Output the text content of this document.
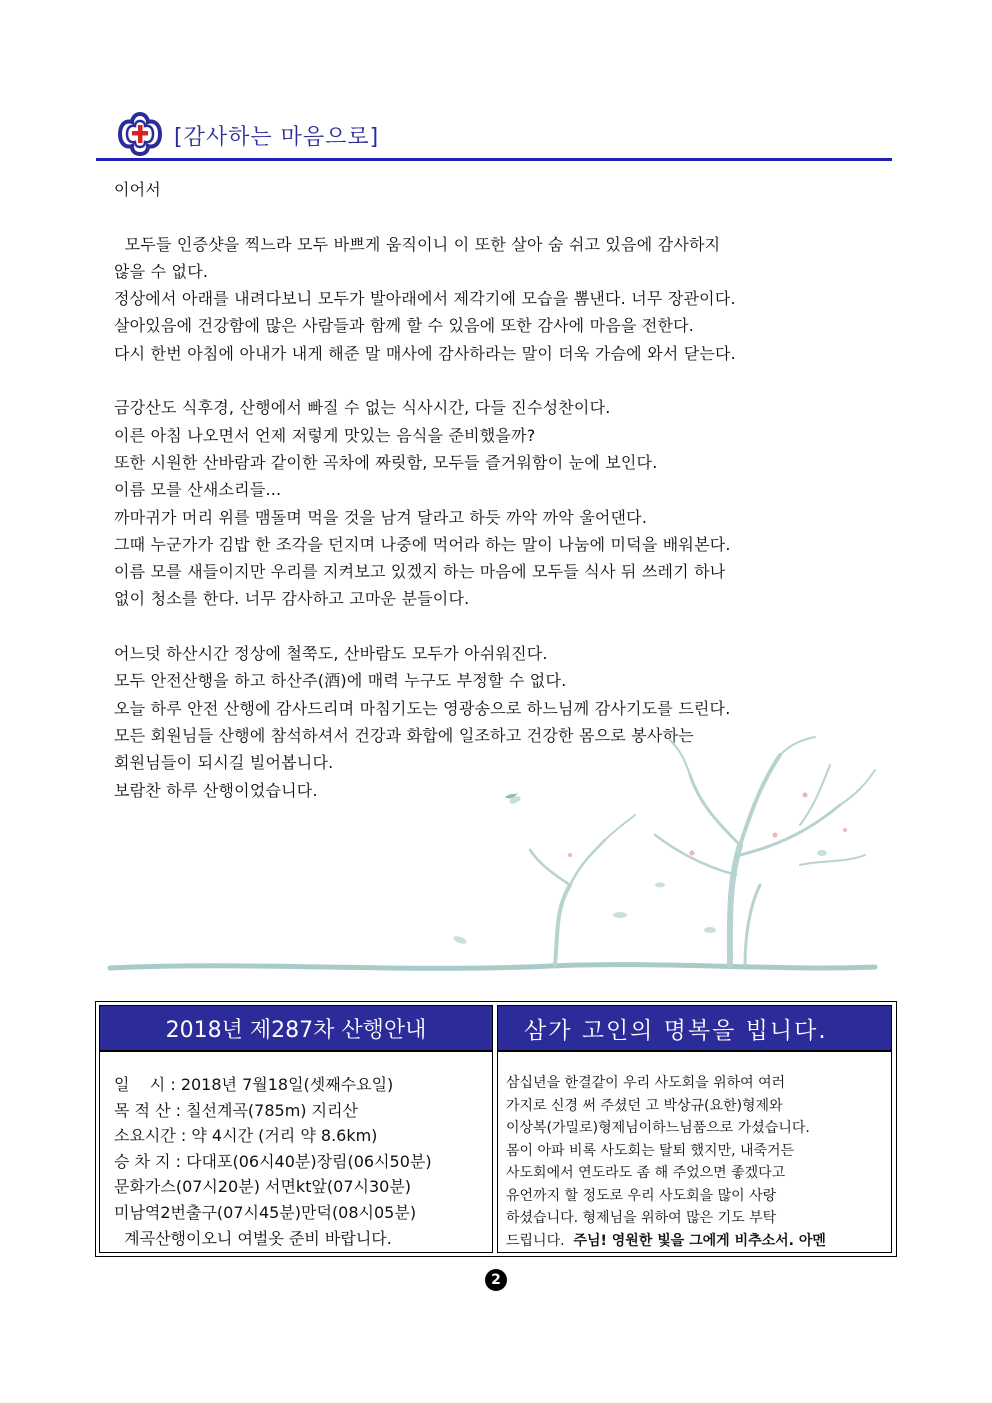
[감사하는 마음으로]
이어서
모두들 인증샷을 찍느라 모두 바쁘게 움직이니 이 또한 살아 숨 쉬고 있음에 감사하지
않을 수 없다.
정상에서 아래를 내려다보니 모두가 발아래에서 제각기에 모습을 뽐낸다. 너무 장관이다.
살아있음에 건강함에 많은 사람들과 함께 할 수 있음에 또한 감사에 마음을 전한다.
다시 한번 아침에 아내가 내게 해준 말 매사에 감사하라는 말이 더욱 가슴에 와서 닫는다.
금강산도 식후경, 산행에서 빠질 수 없는 식사시간, 다들 진수성찬이다.
이른 아침 나오면서 언제 저렇게 맛있는 음식을 준비했을까?
또한 시원한 산바람과 같이한 곡차에 짜릿함, 모두들 즐거워함이 눈에 보인다.
이름 모를 산새소리들...
까마귀가 머리 위를 맴돌며 먹을 것을 남겨 달라고 하듯 까악 까악 울어댄다.
그때 누군가가 김밥 한 조각을 던지며 나중에 먹어라 하는 말이 나눔에 미덕을 배워본다.
이름 모를 새들이지만 우리를 지켜보고 있겠지 하는 마음에 모두들 식사 뒤 쓰레기 하나
없이 청소를 한다. 너무 감사하고 고마운 분들이다.
어느덧 하산시간 정상에 철쭉도, 산바람도 모두가 아쉬워진다.
모두 안전산행을 하고 하산주(酒)에 매력 누구도 부정할 수 없다.
오늘 하루 안전 산행에 감사드리며 마침기도는 영광송으로 하느님께 감사기도를 드린다.
모든 회원님들 산행에 참석하셔서 건강과 화합에 일조하고 건강한 몸으로 봉사하는
회원님들이 되시길 빌어봅니다.
보람찬 하루 산행이었습니다.
2018년 제287차 산행안내
일    시 : 2018년 7월18일(셋째수요일)
목 적 산 : 칠선계곡(785m) 지리산
소요시간 : 약 4시간 (거리 약 8.6km)
승 차 지 : 다대포(06시40분)장림(06시50분)
문화가스(07시20분) 서면kt앞(07시30분)
미남역2번출구(07시45분)만덕(08시05분)
계곡산행이오니 여벌옷 준비 바랍니다.
삼가 고인의 명복을 빕니다.
삼십년을 한결같이 우리 사도회을 위하여 여러
가지로 신경 써 주셨던 고 박상규(요한)형제와
이상복(가밀로)형제님이하느님품으로 가셨습니다.
몸이 아파 비록 사도회는 탈퇴 했지만, 내죽거든
사도회에서 연도라도 좀 해 주었으면 좋겠다고
유언까지 할 정도로 우리 사도회을 많이 사랑
하셨습니다. 형제님을 위하여 많은 기도 부탁
드립니다.  주님! 영원한 빛을 그에게 비추소서. 아멘
2
